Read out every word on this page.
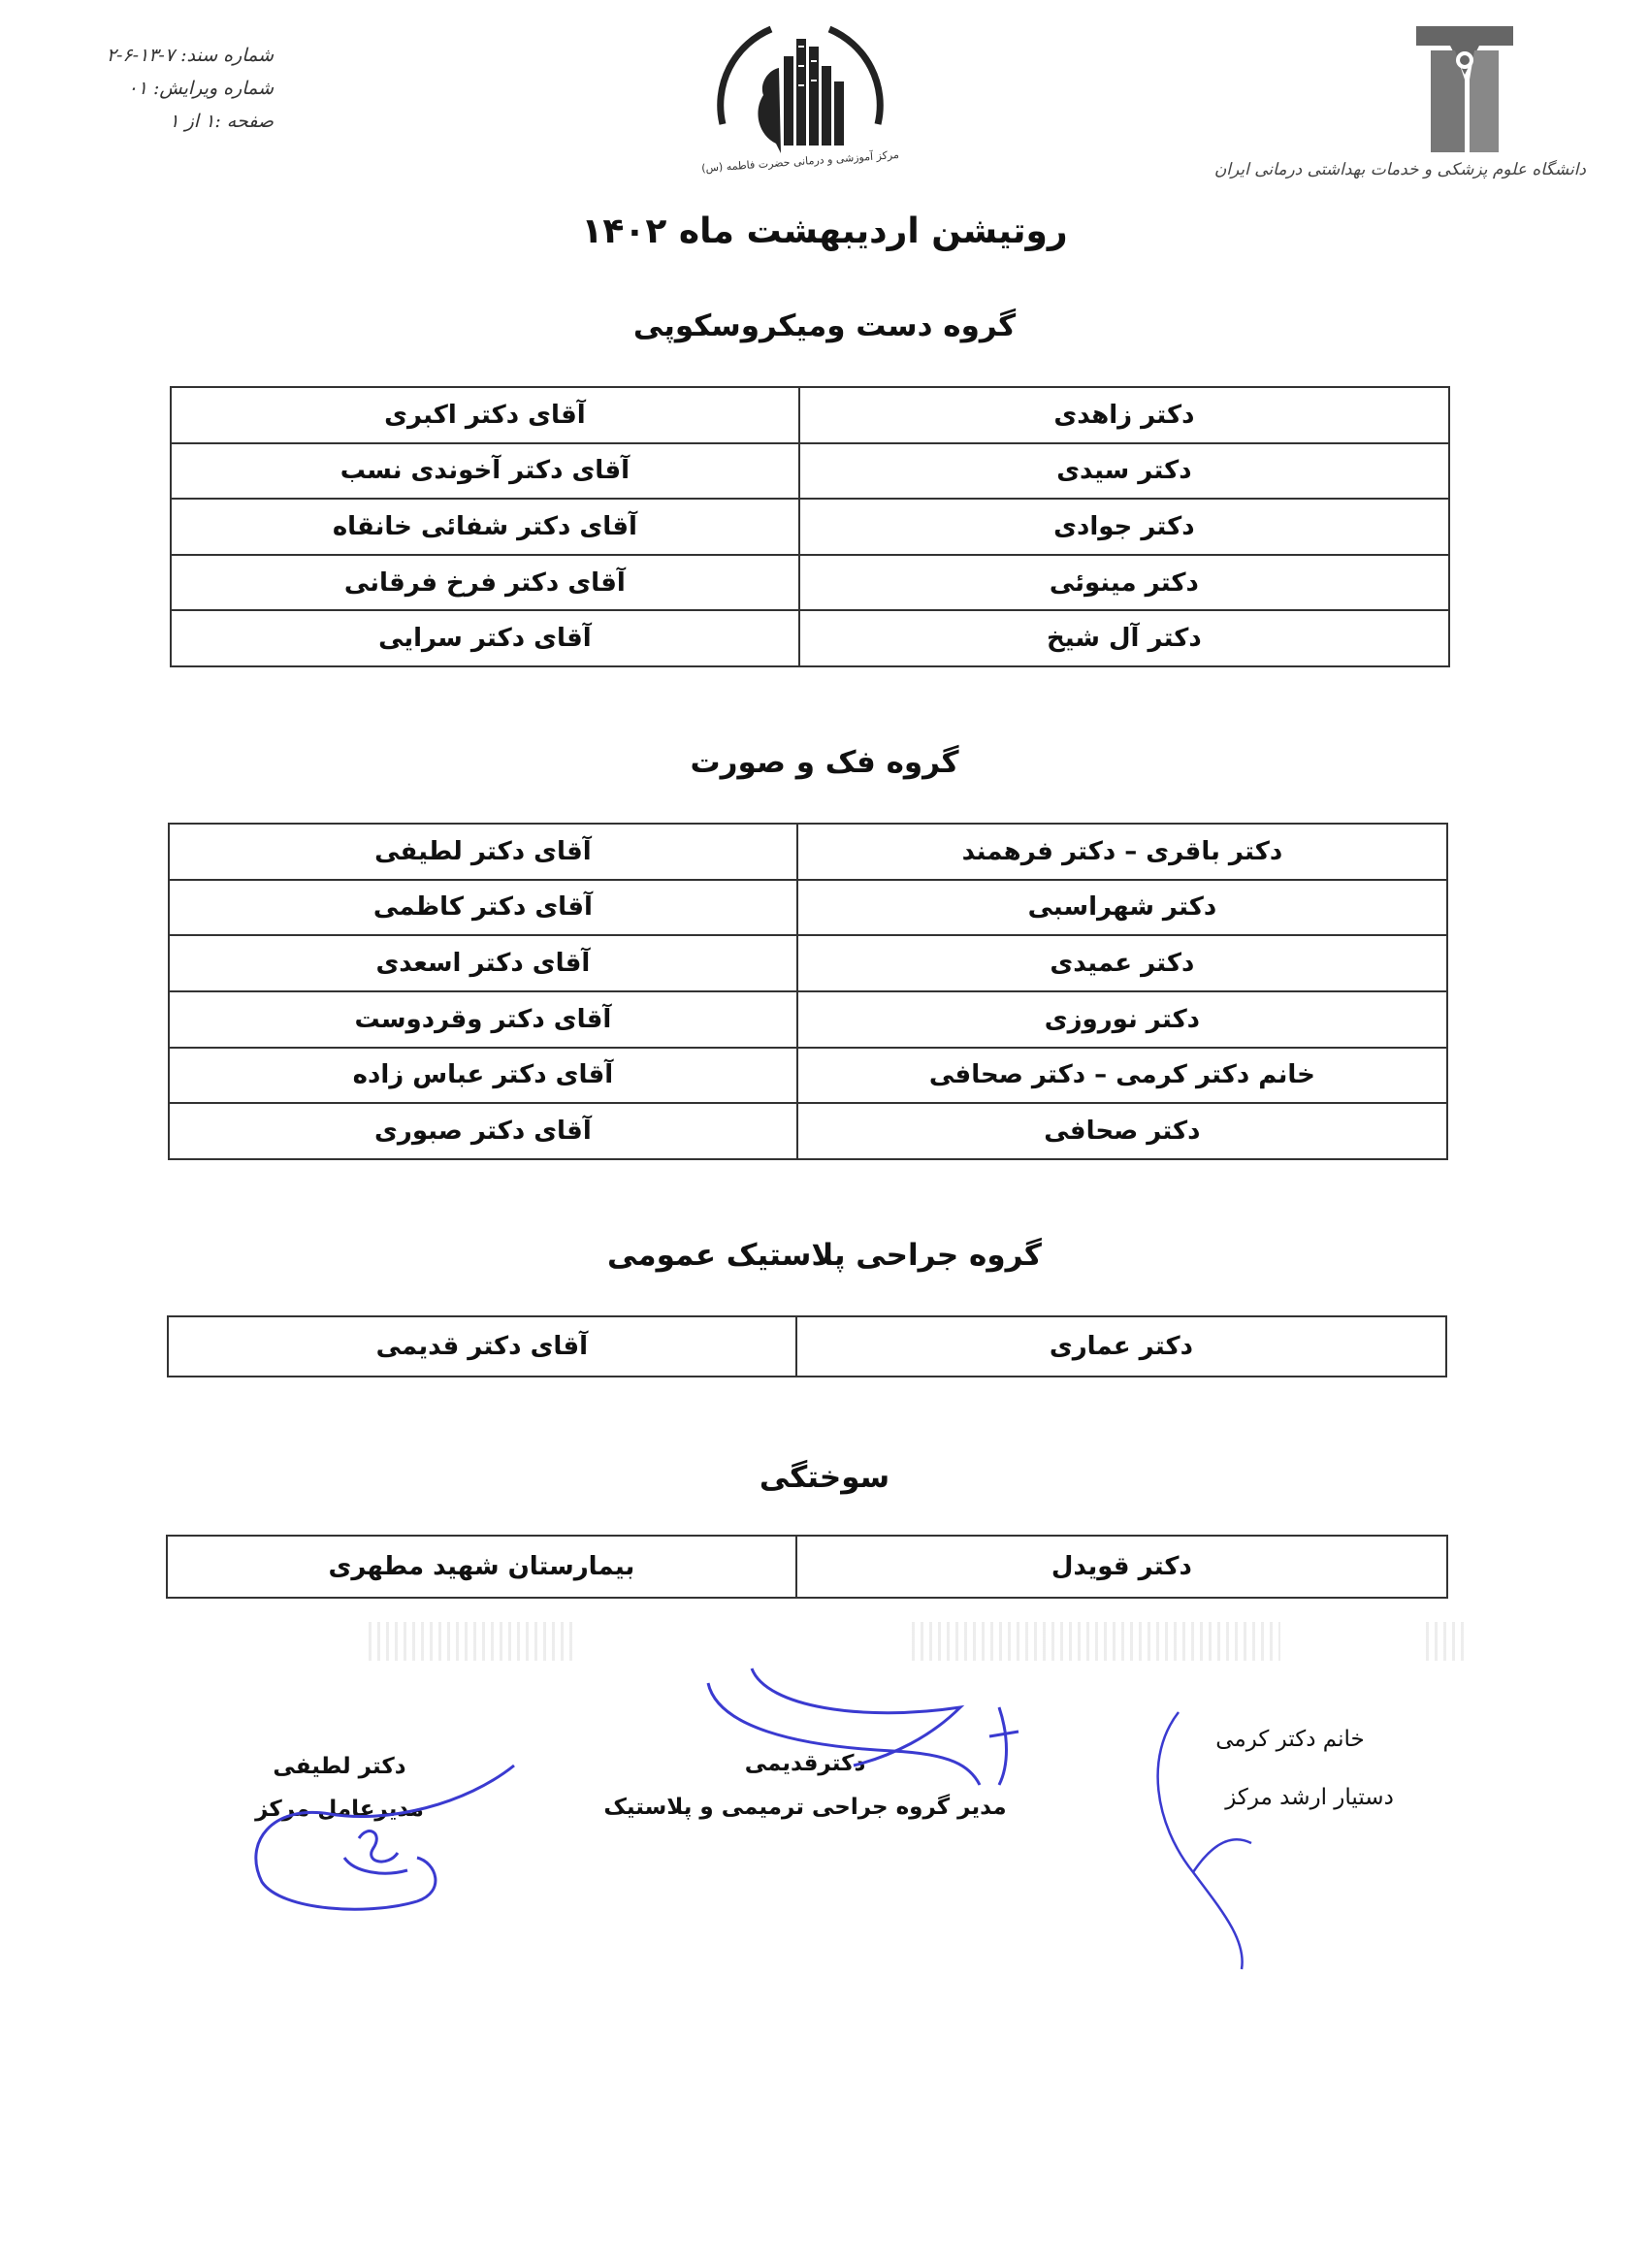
شماره سند: ۷-۱۳-۶-۲
شماره ویرایش: ۰۱
صفحه :۱ از ۱
مرکز آموزشی و درمانی حضرت فاطمه (س)	دانشگاه علوم پزشکی و خدمات بهداشتی درمانی ایران
روتیشن اردیبهشت ماه ۱۴۰۲
گروه دست ومیکروسکوپی
دکتر زاهدی	آقای دکتر اکبری
دکتر سیدی	آقای دکتر آخوندی نسب
دکتر جوادی	آقای دکتر شفائی خانقاه
دکتر مینوئی	آقای دکتر فرخ فرقانی
دکتر آل شیخ	آقای دکتر سرایی
گروه فک و صورت
دکتر باقری – دکتر فرهمند	آقای دکتر لطیفی
دکتر شهراسبی	آقای دکتر کاظمی
دکتر عمیدی	آقای دکتر اسعدی
دکتر نوروزی	آقای دکتر وقردوست
خانم دکتر کرمی – دکتر صحافی	آقای دکتر عباس زاده
دکتر صحافی	آقای دکتر صبوری
گروه جراحی پلاستیک عمومی
دکتر عماری	آقای دکتر قدیمی
سوختگی
دکتر قویدل	بیمارستان شهید مطهری
دکتر لطیفی
مدیرعامل مرکز
دکترقدیمی
مدیر گروه جراحی ترمیمی و پلاستیک
خانم دکتر کرمی
دستیار ارشد مرکز
